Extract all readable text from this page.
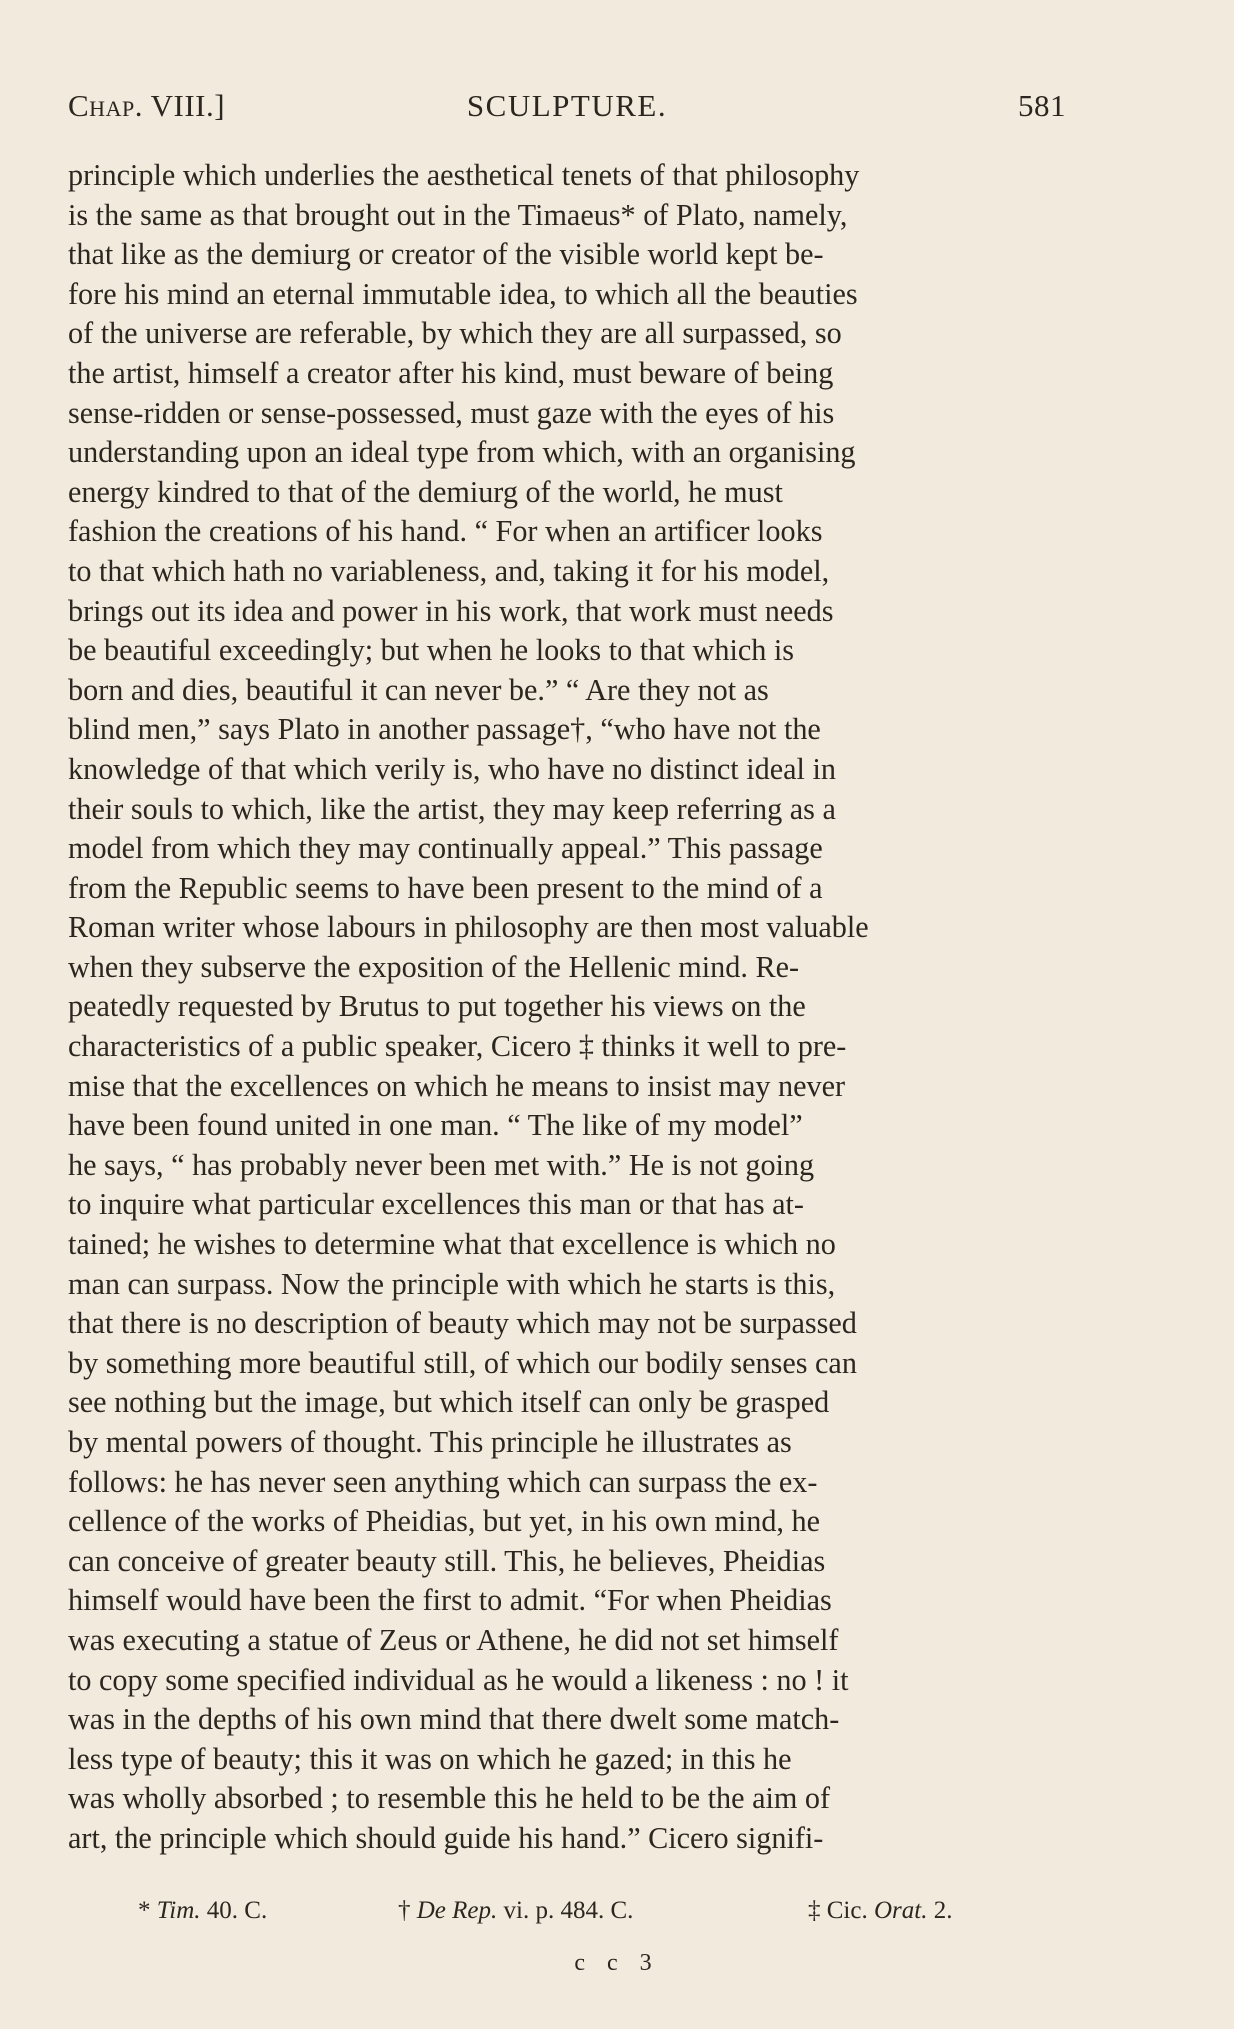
Chap. VIII.]	SCULPTURE.	581
principle which underlies the aesthetical tenets of that philosophy
is the same as that brought out in the Timaeus* of Plato, namely,
that like as the demiurg or creator of the visible world kept be-
fore his mind an eternal immutable idea, to which all the beauties
of the universe are referable, by which they are all surpassed, so
the artist, himself a creator after his kind, must beware of being
sense-ridden or sense-possessed, must gaze with the eyes of his
understanding upon an ideal type from which, with an organising
energy kindred to that of the demiurg of the world, he must
fashion the creations of his hand. “ For when an artificer looks
to that which hath no variableness, and, taking it for his model,
brings out its idea and power in his work, that work must needs
be beautiful exceedingly; but when he looks to that which is
born and dies, beautiful it can never be.” “ Are they not as
blind men,” says Plato in another passage†, “who have not the
knowledge of that which verily is, who have no distinct ideal in
their souls to which, like the artist, they may keep referring as a
model from which they may continually appeal.” This passage
from the Republic seems to have been present to the mind of a
Roman writer whose labours in philosophy are then most valuable
when they subserve the exposition of the Hellenic mind. Re-
peatedly requested by Brutus to put together his views on the
characteristics of a public speaker, Cicero ‡ thinks it well to pre-
mise that the excellences on which he means to insist may never
have been found united in one man. “ The like of my model”
he says, “ has probably never been met with.” He is not going
to inquire what particular excellences this man or that has at-
tained; he wishes to determine what that excellence is which no
man can surpass. Now the principle with which he starts is this,
that there is no description of beauty which may not be surpassed
by something more beautiful still, of which our bodily senses can
see nothing but the image, but which itself can only be grasped
by mental powers of thought. This principle he illustrates as
follows: he has never seen anything which can surpass the ex-
cellence of the works of Pheidias, but yet, in his own mind, he
can conceive of greater beauty still. This, he believes, Pheidias
himself would have been the first to admit. “For when Pheidias
was executing a statue of Zeus or Athene, he did not set himself
to copy some specified individual as he would a likeness : no ! it
was in the depths of his own mind that there dwelt some match-
less type of beauty; this it was on which he gazed; in this he
was wholly absorbed ; to resemble this he held to be the aim of
art, the principle which should guide his hand.” Cicero signifi-
* Tim. 40. C.	† De Rep. vi. p. 484. C.	‡ Cic. Orat. 2.
c c 3
